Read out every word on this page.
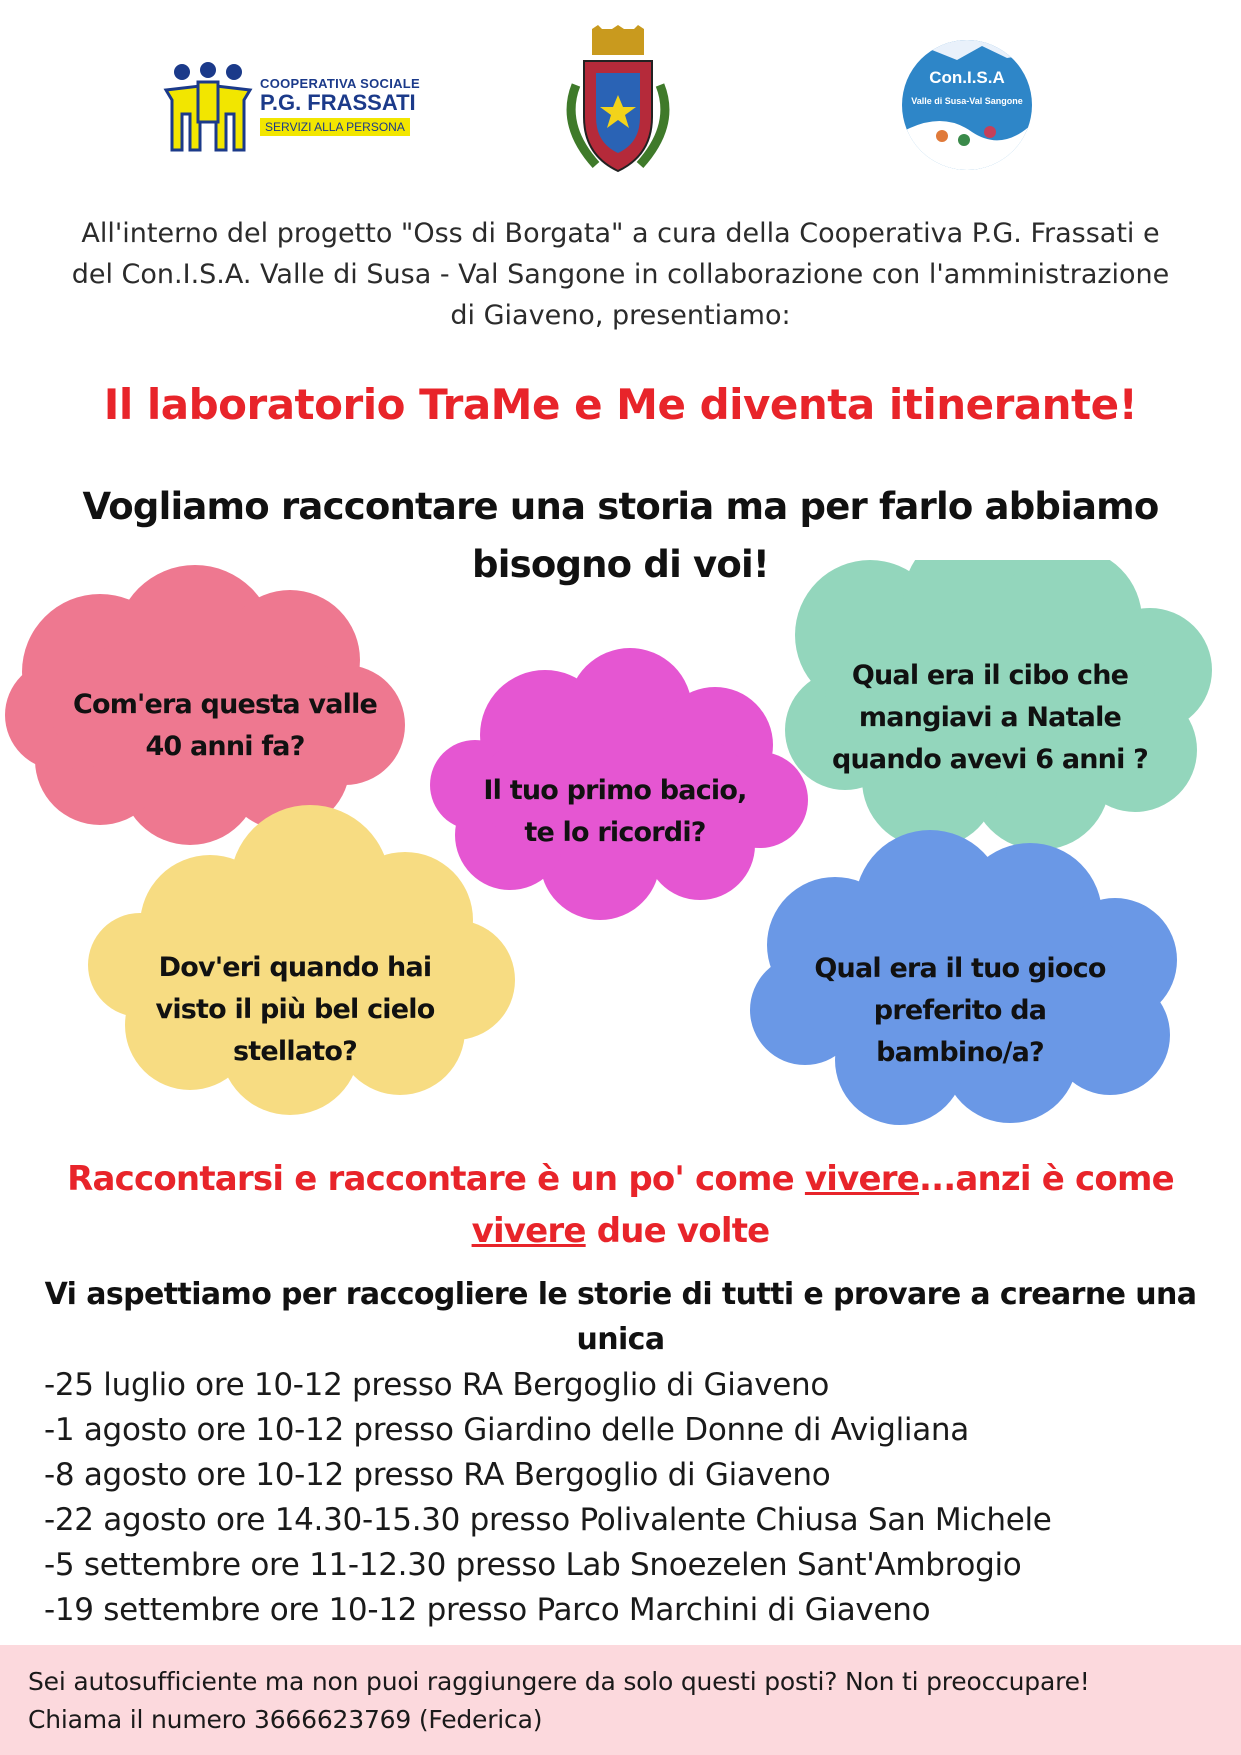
COOPERATIVA SOCIALE
P.G. FRASSATI
SERVIZI ALLA PERSONA
Con.I.S.A
Valle di Susa-Val Sangone
All'interno del progetto "Oss di Borgata" a cura della Cooperativa P.G. Frassati e del Con.I.S.A. Valle di Susa - Val Sangone in collaborazione con l'amministrazione di Giaveno, presentiamo:
Il laboratorio TraMe e Me diventa itinerante!
Vogliamo raccontare una storia ma per farlo abbiamo bisogno di voi!
Com'era questa valle 40 anni fa?
Il tuo primo bacio, te lo ricordi?
Qual era il cibo che mangiavi a Natale quando avevi 6 anni ?
Dov'eri quando hai visto il più bel cielo stellato?
Qual era il tuo gioco preferito da bambino/a?
Raccontarsi e raccontare è un po' come vivere...anzi è come vivere due volte
Vi aspettiamo per raccogliere le storie di tutti e provare a crearne una unica
-25 luglio ore 10-12 presso RA Bergoglio di Giaveno
-1 agosto ore 10-12 presso Giardino delle Donne di Avigliana
-8 agosto ore 10-12 presso RA Bergoglio di Giaveno
-22 agosto ore 14.30-15.30 presso Polivalente Chiusa San Michele
-5 settembre ore 11-12.30 presso Lab Snoezelen Sant'Ambrogio
-19 settembre ore 10-12 presso Parco Marchini di Giaveno
Sei autosufficiente ma non puoi raggiungere da solo questi posti? Non ti preoccupare!
Chiama il numero 3666623769 (Federica)
